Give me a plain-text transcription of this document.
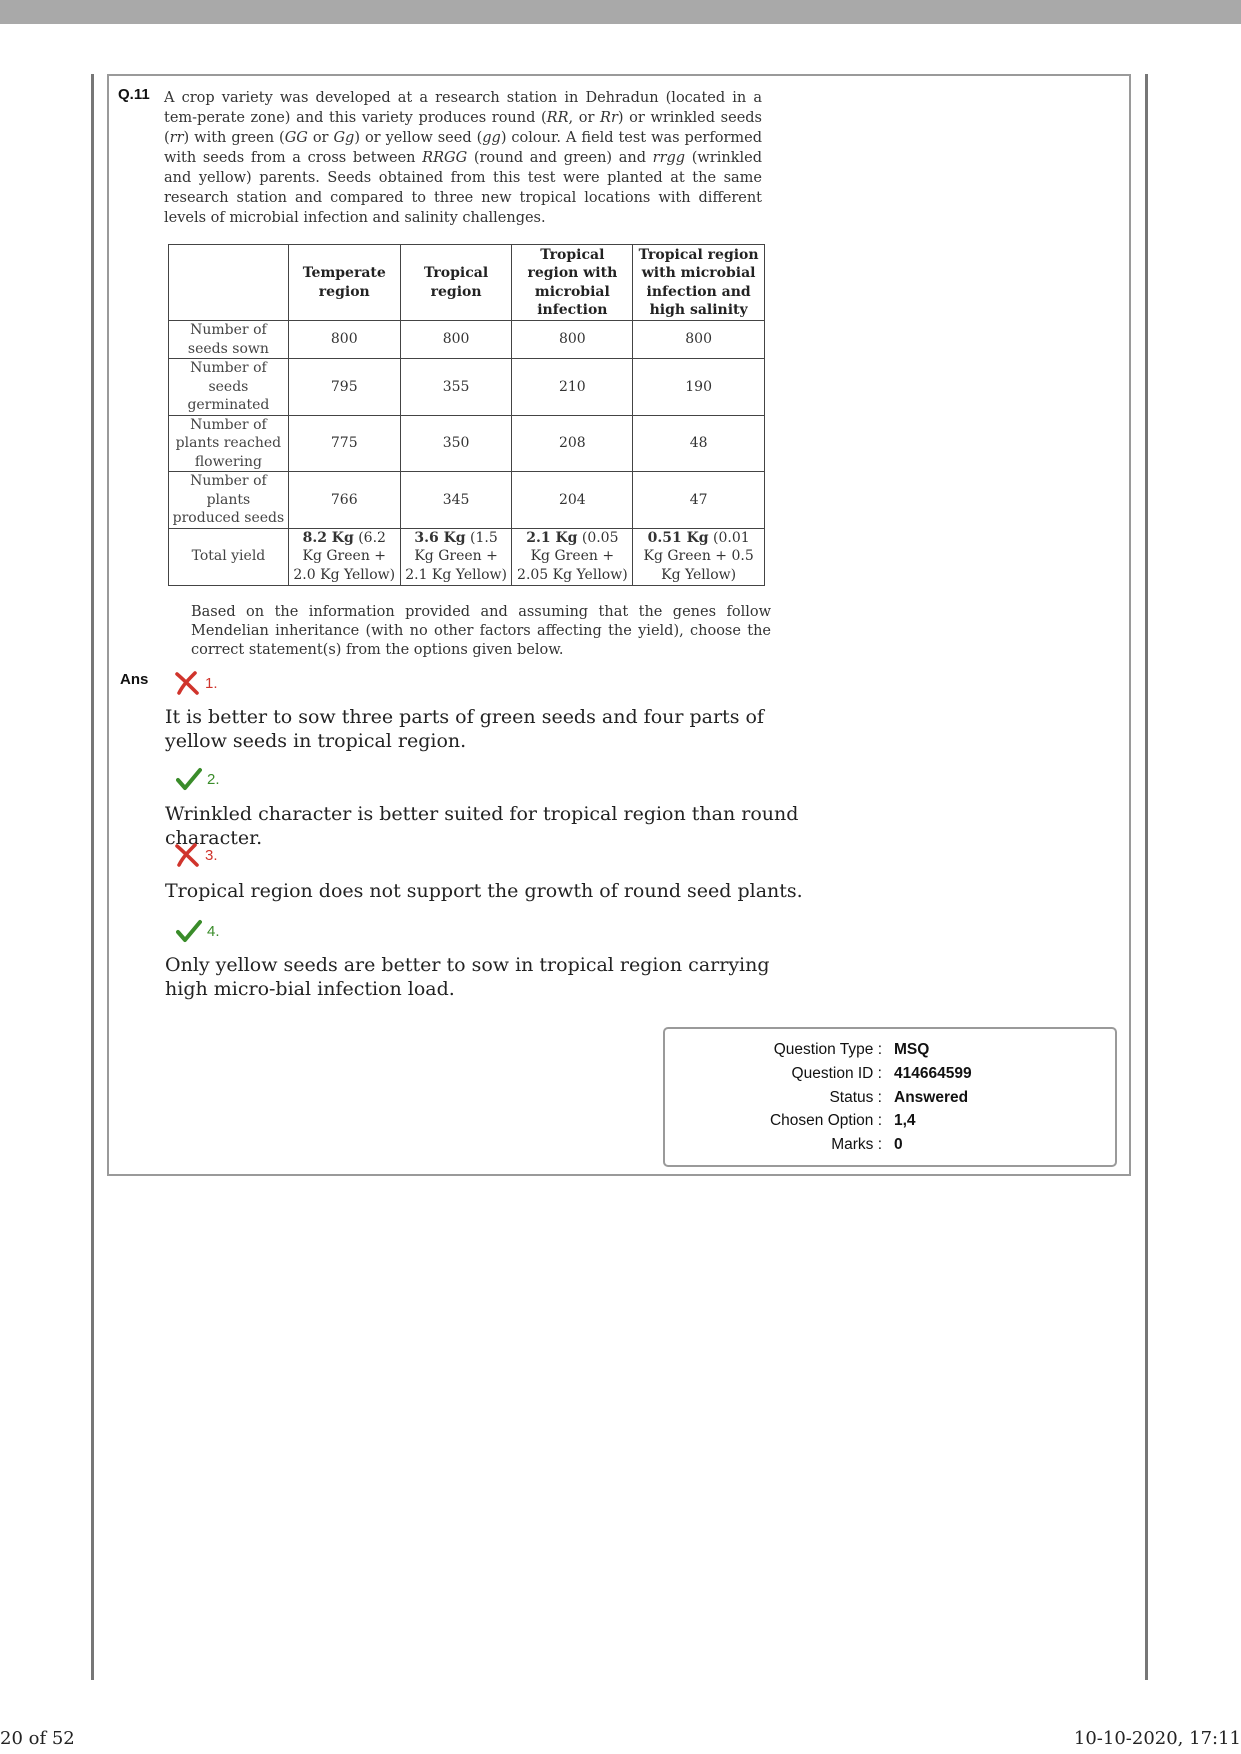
Q.11 A crop variety was developed at a research station in Dehradun (located in a tem-perate zone) and this variety produces round (RR, or Rr) or wrinkled seeds (rr) with green (GG or Gg) or yellow seed (gg) colour. A field test was performed with seeds from a cross between RRGG (round and green) and rrgg (wrinkled and yellow) parents. Seeds obtained from this test were planted at the same research station and compared to three new tropical locations with different levels of microbial infection and salinity challenges.

	Temperate region	Tropical region	Tropical region with microbial infection	Tropical region with microbial infection and high salinity
Number of seeds sown	800	800	800	800
Number of seeds germinated	795	355	210	190
Number of plants reached flowering	775	350	208	48
Number of plants produced seeds	766	345	204	47
Total yield	8.2 Kg (6.2 Kg Green + 2.0 Kg Yellow)	3.6 Kg (1.5 Kg Green + 2.1 Kg Yellow)	2.1 Kg (0.05 Kg Green + 2.05 Kg Yellow)	0.51 Kg (0.01 Kg Green + 0.5 Kg Yellow)

Based on the information provided and assuming that the genes follow Mendelian inheritance (with no other factors affecting the yield), choose the correct statement(s) from the options given below.

Ans	1.

It is better to sow three parts of green seeds and four parts of yellow seeds in tropical region.

2.

Wrinkled character is better suited for tropical region than round character.

3.

Tropical region does not support the growth of round seed plants.

4.

Only yellow seeds are better to sow in tropical region carrying high micro-bial infection load.

Question Type : MSQ
Question ID : 414664599
Status : Answered
Chosen Option : 1,4
Marks : 0
20 of 52	10-10-2020, 17:11
